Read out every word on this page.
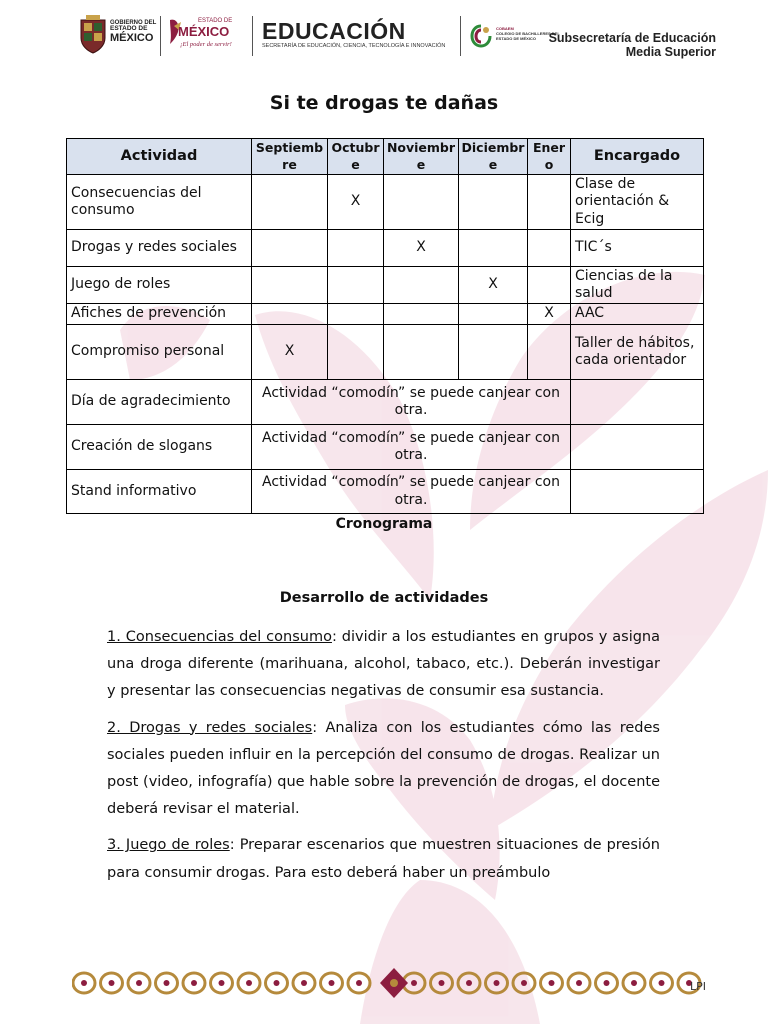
GOBIERNO DEL
ESTADO DE
MÉXICO
ESTADO DE
MÉXICO
¡El poder de servir!
EDUCACIÓN
SECRETARÍA DE EDUCACIÓN, CIENCIA, TECNOLOGÍA E INNOVACIÓN
COBAEM
COLEGIO DE BACHILLERES DEL
ESTADO DE MÉXICO	Subsecretaría de Educación
Media Superior
Si te drogas te dañas
Actividad	Septiembre	Octubre	Noviembre	Diciembre	Enero	Encargado
Consecuencias del consumo		X				Clase de orientación & Ecig
Drogas y redes sociales			X			TIC´s
Juego de roles				X		Ciencias de la salud
Afiches de prevención					X	AAC
Compromiso personal	X					Taller de hábitos, cada orientador
Día de agradecimiento	Actividad “comodín” se puede canjear con otra.					
Creación de slogans	Actividad “comodín” se puede canjear con otra.					
Stand informativo	Actividad “comodín” se puede canjear con otra.					
Cronograma
Desarrollo de actividades

1. Consecuencias del consumo: dividir a los estudiantes en grupos y asigna una droga diferente (marihuana, alcohol, tabaco, etc.). Deberán investigar y presentar las consecuencias negativas de consumir esa sustancia.

2. Drogas y redes sociales: Analiza con los estudiantes cómo las redes sociales pueden influir en la percepción del consumo de drogas. Realizar un post (video, infografía) que hable sobre la prevención de drogas, el docente deberá revisar el material.

3. Juego de roles: Preparar escenarios que muestren situaciones de presión para consumir drogas. Para esto deberá haber un preámbulo

LPI
